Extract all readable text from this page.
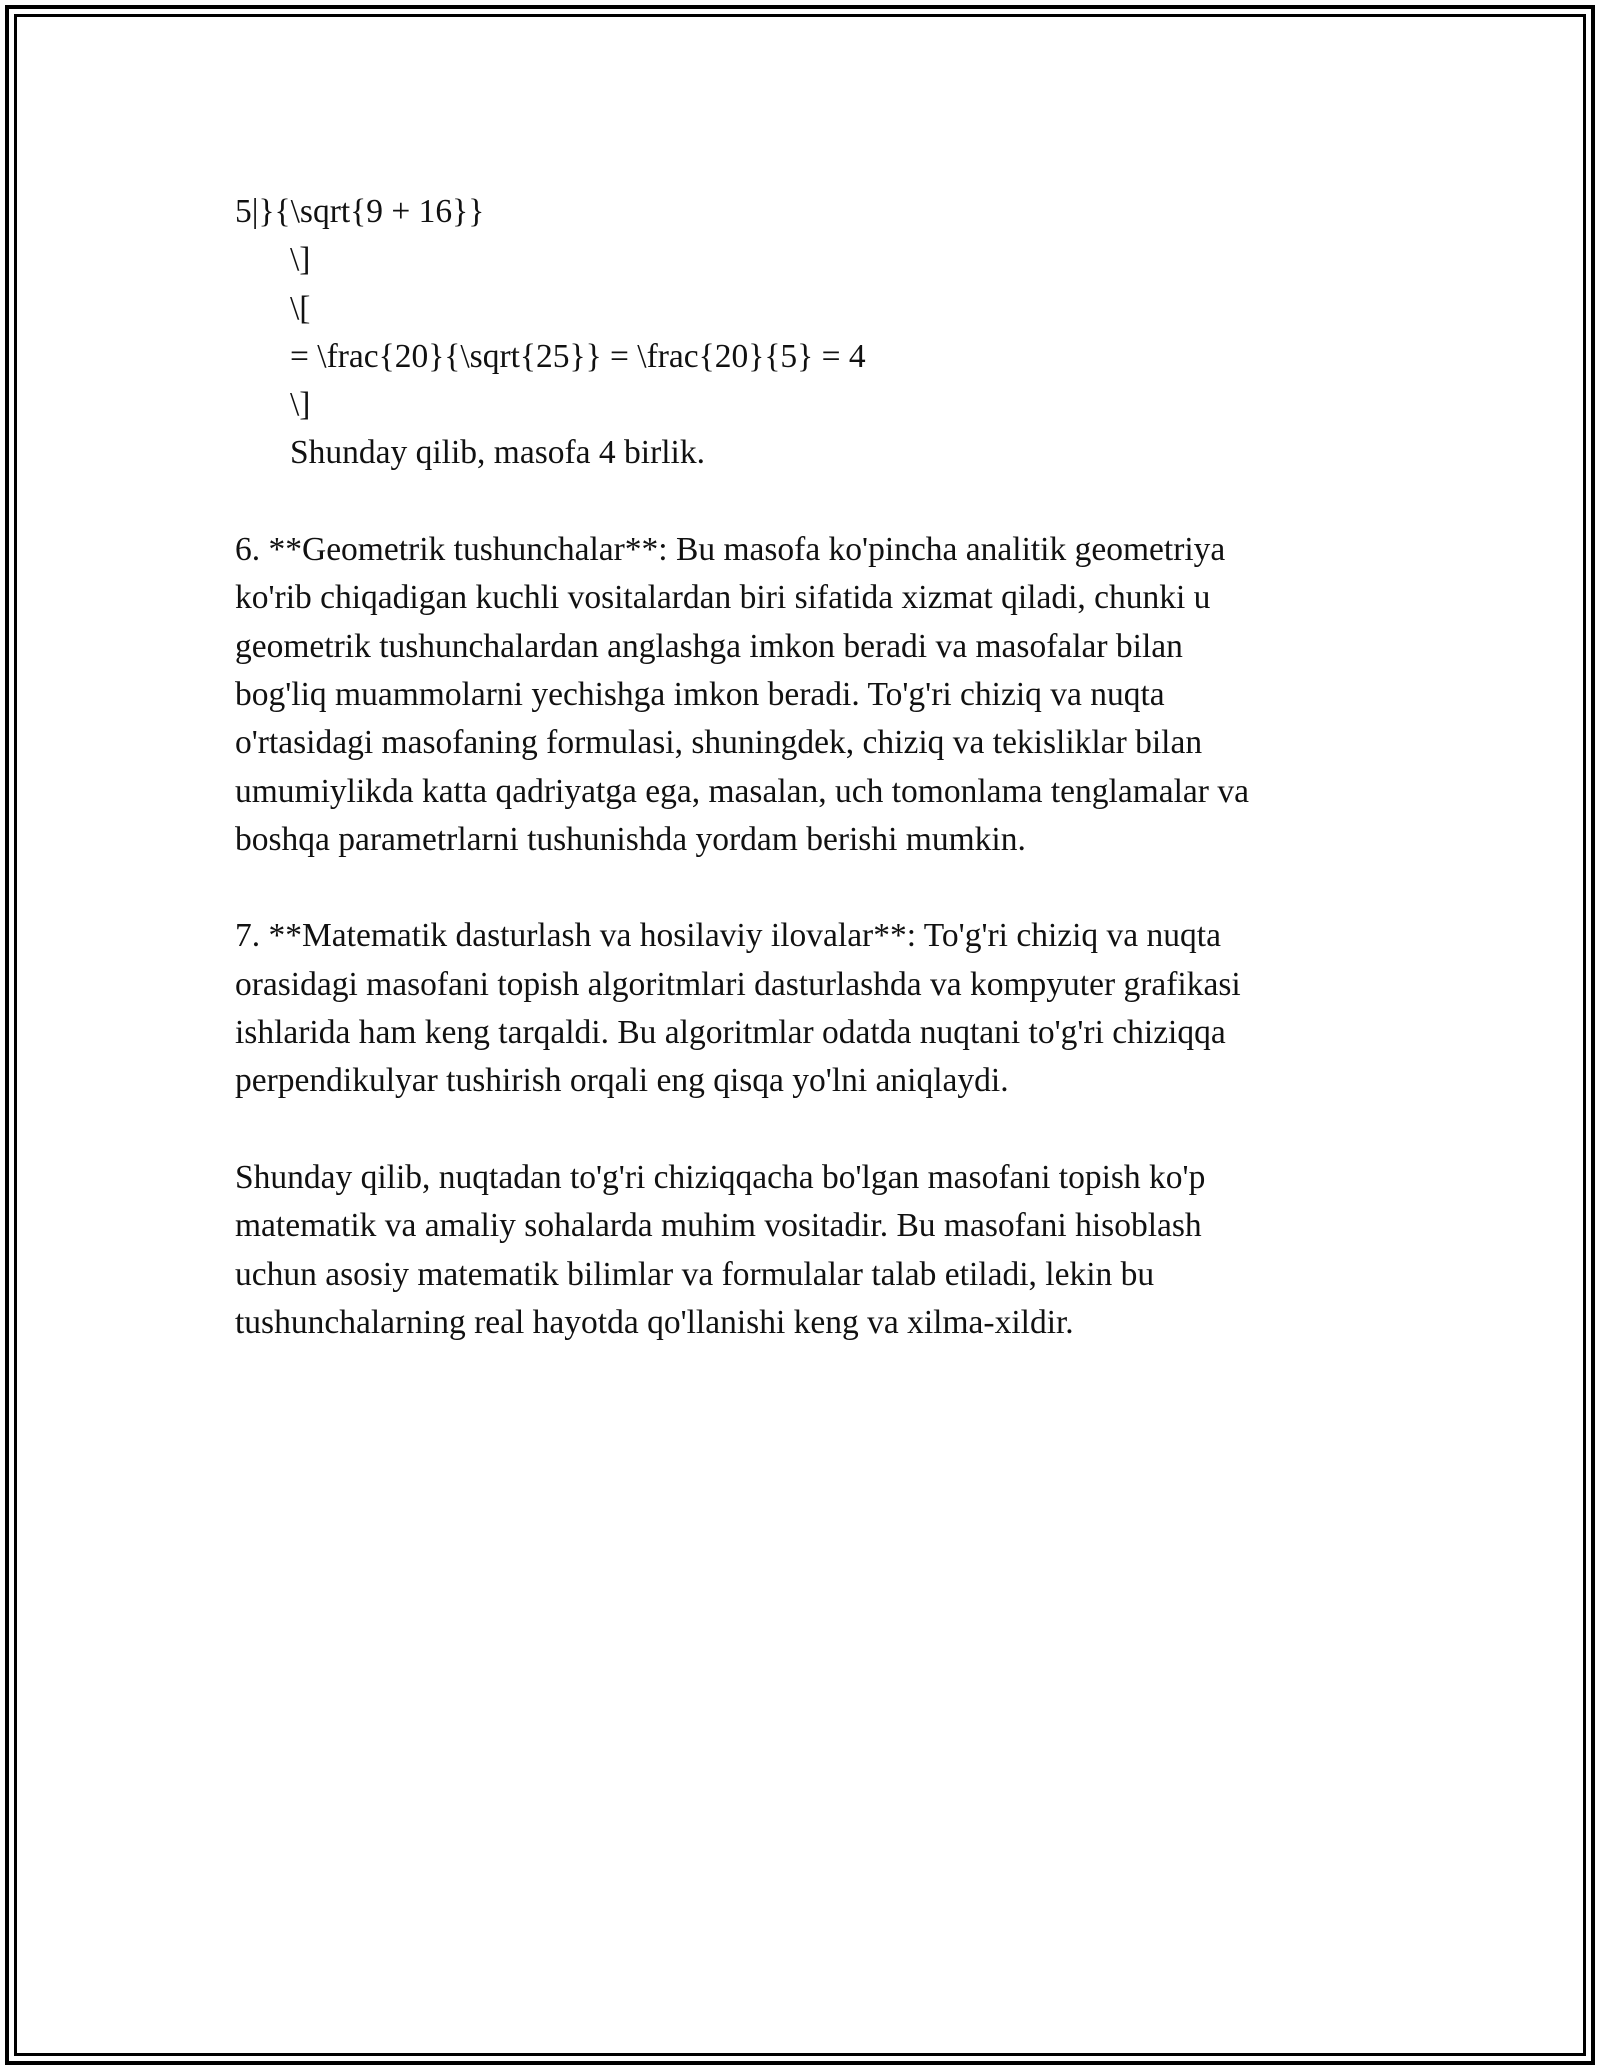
5|}{\sqrt{9 + 16}}
\]
\[
= \frac{20}{\sqrt{25}} = \frac{20}{5} = 4
\]
Shunday qilib, masofa 4 birlik.
6. **Geometrik tushunchalar**: Bu masofa ko'pincha analitik geometriya
ko'rib chiqadigan kuchli vositalardan biri sifatida xizmat qiladi, chunki u
geometrik tushunchalardan anglashga imkon beradi va masofalar bilan
bog'liq muammolarni yechishga imkon beradi. To'g'ri chiziq va nuqta
o'rtasidagi masofaning formulasi, shuningdek, chiziq va tekisliklar bilan
umumiylikda katta qadriyatga ega, masalan, uch tomonlama tenglamalar va
boshqa parametrlarni tushunishda yordam berishi mumkin.
7. **Matematik dasturlash va hosilaviy ilovalar**: To'g'ri chiziq va nuqta
orasidagi masofani topish algoritmlari dasturlashda va kompyuter grafikasi
ishlarida ham keng tarqaldi. Bu algoritmlar odatda nuqtani to'g'ri chiziqqa
perpendikulyar tushirish orqali eng qisqa yo'lni aniqlaydi.
Shunday qilib, nuqtadan to'g'ri chiziqqacha bo'lgan masofani topish ko'p
matematik va amaliy sohalarda muhim vositadir. Bu masofani hisoblash
uchun asosiy matematik bilimlar va formulalar talab etiladi, lekin bu
tushunchalarning real hayotda qo'llanishi keng va xilma-xildir.
